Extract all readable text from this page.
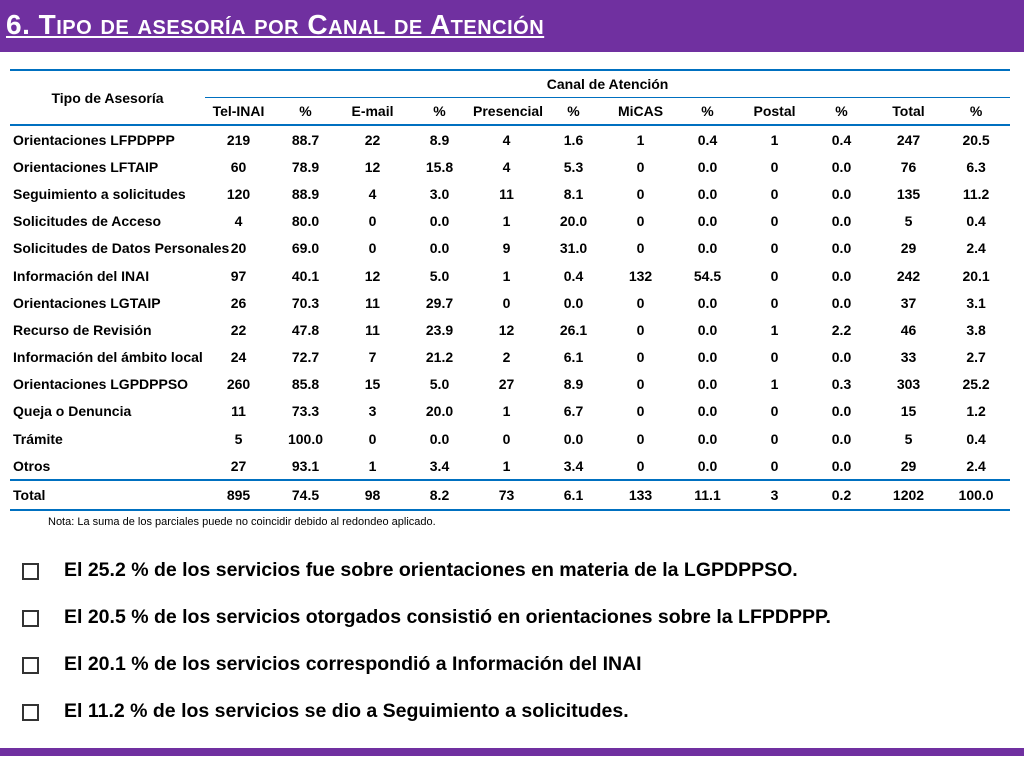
6. Tipo de asesoría por Canal de Atención
Tipo de Asesoría	Canal de Atención											
	Tel-INAI	%	E-mail	%	Presencial	%	MiCAS	%	Postal	%	Total	%
Orientaciones LFPDPPP	219	88.7	22	8.9	4	1.6	1	0.4	1	0.4	247	20.5
Orientaciones LFTAIP	60	78.9	12	15.8	4	5.3	0	0.0	0	0.0	76	6.3
Seguimiento a solicitudes	120	88.9	4	3.0	11	8.1	0	0.0	0	0.0	135	11.2
Solicitudes de Acceso	4	80.0	0	0.0	1	20.0	0	0.0	0	0.0	5	0.4
Solicitudes de Datos Personales	20	69.0	0	0.0	9	31.0	0	0.0	0	0.0	29	2.4
Información del INAI	97	40.1	12	5.0	1	0.4	132	54.5	0	0.0	242	20.1
Orientaciones LGTAIP	26	70.3	11	29.7	0	0.0	0	0.0	0	0.0	37	3.1
Recurso de Revisión	22	47.8	11	23.9	12	26.1	0	0.0	1	2.2	46	3.8
Información del ámbito local	24	72.7	7	21.2	2	6.1	0	0.0	0	0.0	33	2.7
Orientaciones LGPDPPSO	260	85.8	15	5.0	27	8.9	0	0.0	1	0.3	303	25.2
Queja o Denuncia	11	73.3	3	20.0	1	6.7	0	0.0	0	0.0	15	1.2
Trámite	5	100.0	0	0.0	0	0.0	0	0.0	0	0.0	5	0.4
Otros	27	93.1	1	3.4	1	3.4	0	0.0	0	0.0	29	2.4
Total	895	74.5	98	8.2	73	6.1	133	11.1	3	0.2	1202	100.0
Nota: La suma de los parciales puede no coincidir debido al redondeo aplicado.
El 25.2 % de los servicios fue sobre orientaciones en materia de la LGPDPPSO.
El 20.5 % de los servicios otorgados consistió en orientaciones sobre la LFPDPPP.
El 20.1 % de los servicios correspondió a Información del INAI
El 11.2 % de los servicios se dio a Seguimiento a solicitudes.
